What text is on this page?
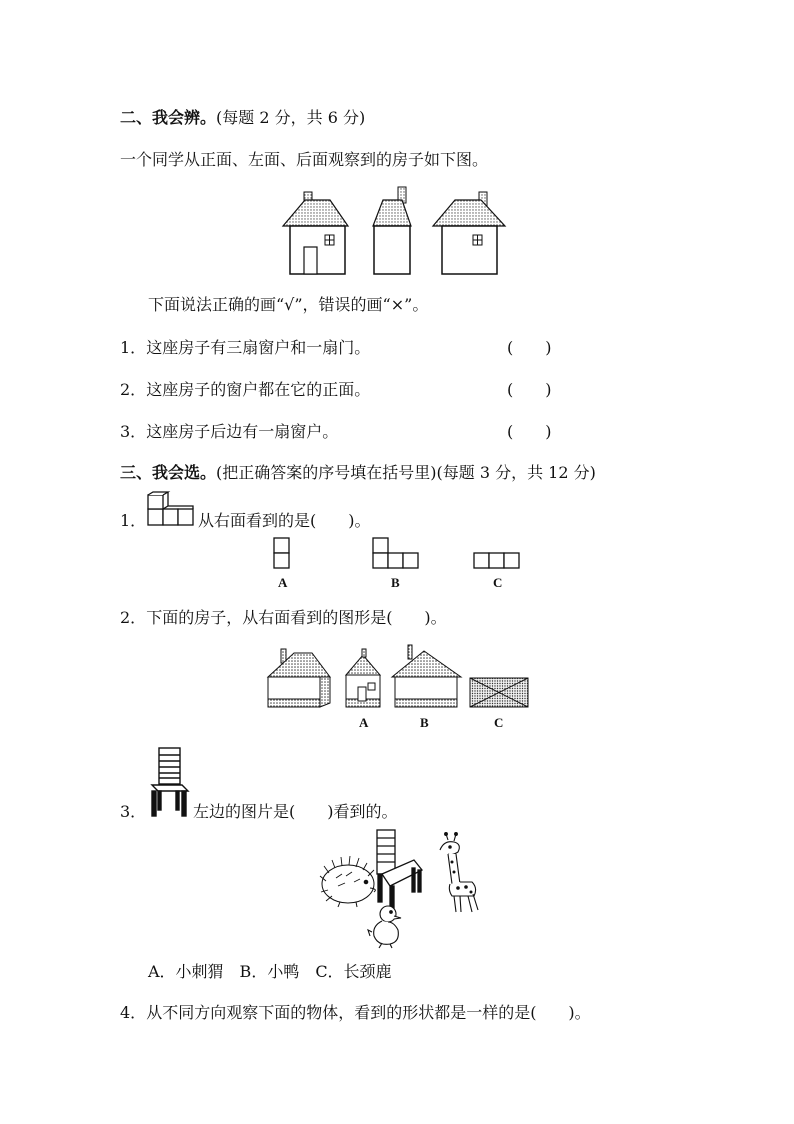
二、我会辨。(每题 2 分，共 6 分)
一个同学从正面、左面、后面观察到的房子如下图。
下面说法正确的画“√”，错误的画“×”。
1．这座房子有三扇窗户和一扇门。	(　　)
2．这座房子的窗户都在它的正面。	(　　)
3．这座房子后边有一扇窗户。	(　　)
三、我会选。(把正确答案的序号填在括号里)(每题 3 分，共 12 分)
1．	从右面看到的是(　　)。
A	B	C
2．下面的房子，从右面看到的图形是(　　)。
A	B	C
3．	左边的图片是(　　)看到的。
A．小刺猬　B．小鸭　C．长颈鹿
4．从不同方向观察下面的物体，看到的形状都是一样的是(　　)。
